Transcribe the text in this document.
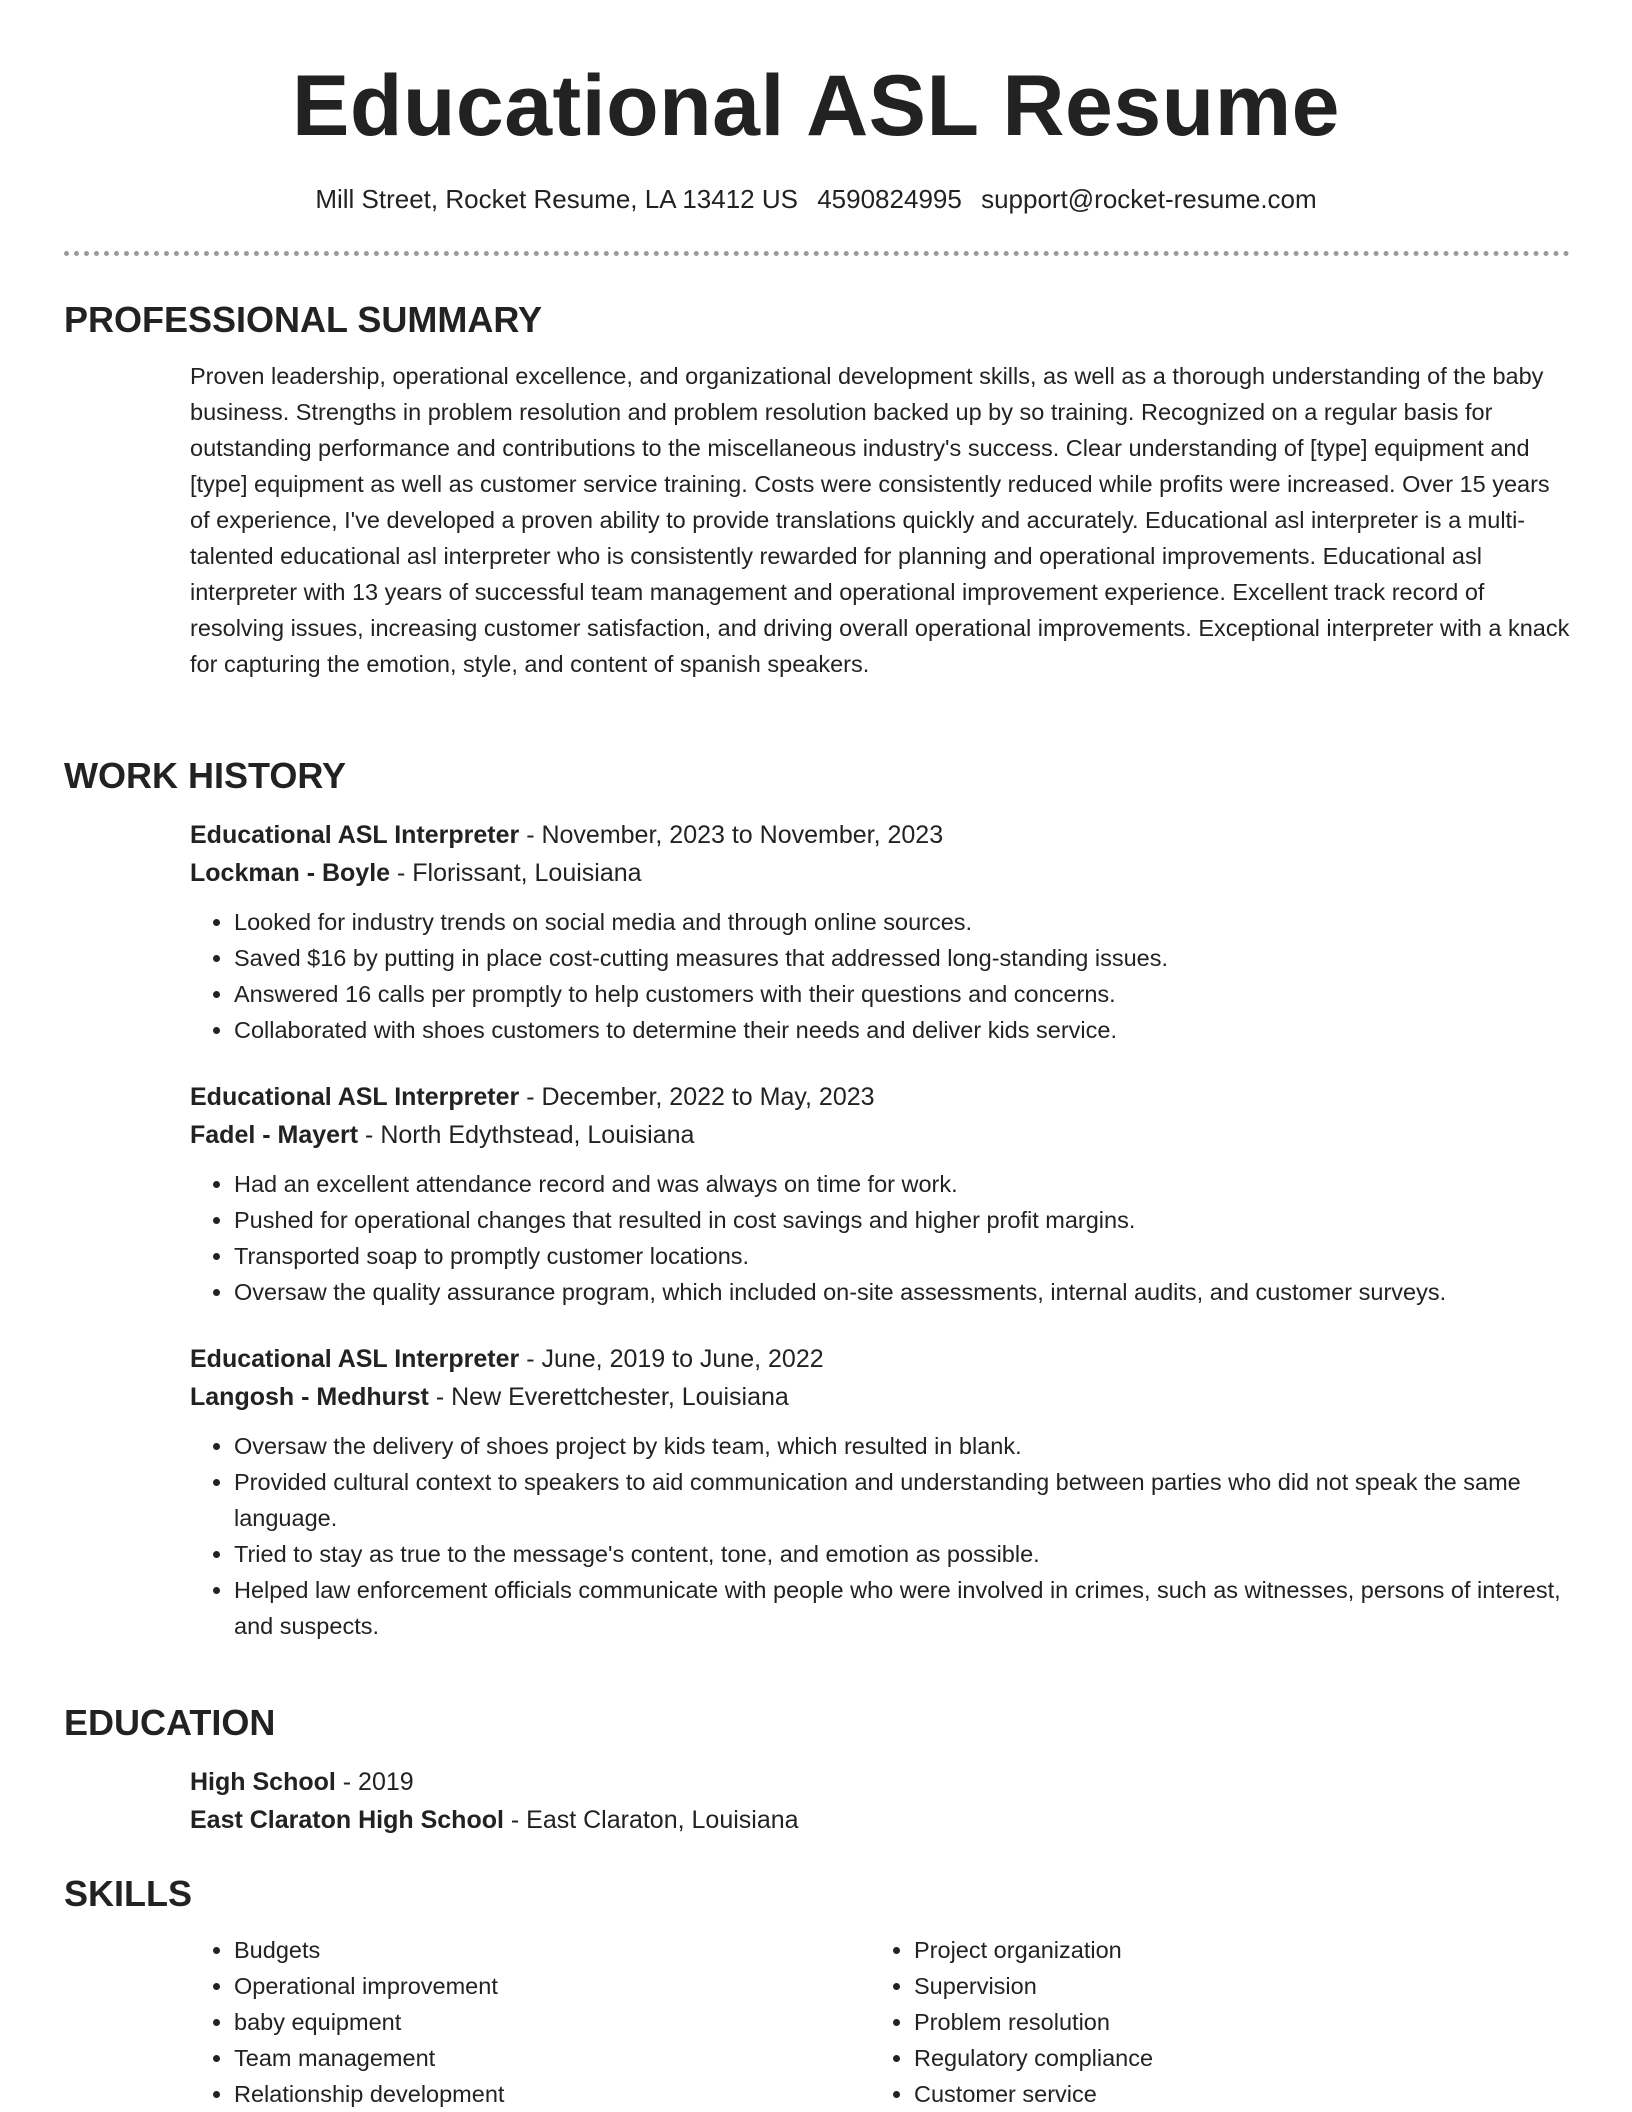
Educational ASL Resume
Mill Street, Rocket Resume, LA 13412 US 4590824995 support@rocket-resume.com
PROFESSIONAL SUMMARY
Proven leadership, operational excellence, and organizational development skills, as well as a thorough understanding of the baby business. Strengths in problem resolution and problem resolution backed up by so training. Recognized on a regular basis for outstanding performance and contributions to the miscellaneous industry's success. Clear understanding of [type] equipment and [type] equipment as well as customer service training. Costs were consistently reduced while profits were increased. Over 15 years of experience, I've developed a proven ability to provide translations quickly and accurately. Educational asl interpreter is a multi-talented educational asl interpreter who is consistently rewarded for planning and operational improvements. Educational asl interpreter with 13 years of successful team management and operational improvement experience. Excellent track record of resolving issues, increasing customer satisfaction, and driving overall operational improvements. Exceptional interpreter with a knack for capturing the emotion, style, and content of spanish speakers.
WORK HISTORY
Educational ASL Interpreter - November, 2023 to November, 2023
Lockman - Boyle - Florissant, Louisiana
• Looked for industry trends on social media and through online sources.
• Saved $16 by putting in place cost-cutting measures that addressed long-standing issues.
• Answered 16 calls per promptly to help customers with their questions and concerns.
• Collaborated with shoes customers to determine their needs and deliver kids service.
Educational ASL Interpreter - December, 2022 to May, 2023
Fadel - Mayert - North Edythstead, Louisiana
• Had an excellent attendance record and was always on time for work.
• Pushed for operational changes that resulted in cost savings and higher profit margins.
• Transported soap to promptly customer locations.
• Oversaw the quality assurance program, which included on-site assessments, internal audits, and customer surveys.
Educational ASL Interpreter - June, 2019 to June, 2022
Langosh - Medhurst - New Everettchester, Louisiana
• Oversaw the delivery of shoes project by kids team, which resulted in blank.
• Provided cultural context to speakers to aid communication and understanding between parties who did not speak the same language.
• Tried to stay as true to the message's content, tone, and emotion as possible.
• Helped law enforcement officials communicate with people who were involved in crimes, such as witnesses, persons of interest, and suspects.
EDUCATION
High School - 2019
East Claraton High School - East Claraton, Louisiana
SKILLS
• Budgets
• Operational improvement
• baby equipment
• Team management
• Relationship development
• Project organization
• Supervision
• Problem resolution
• Regulatory compliance
• Customer service
